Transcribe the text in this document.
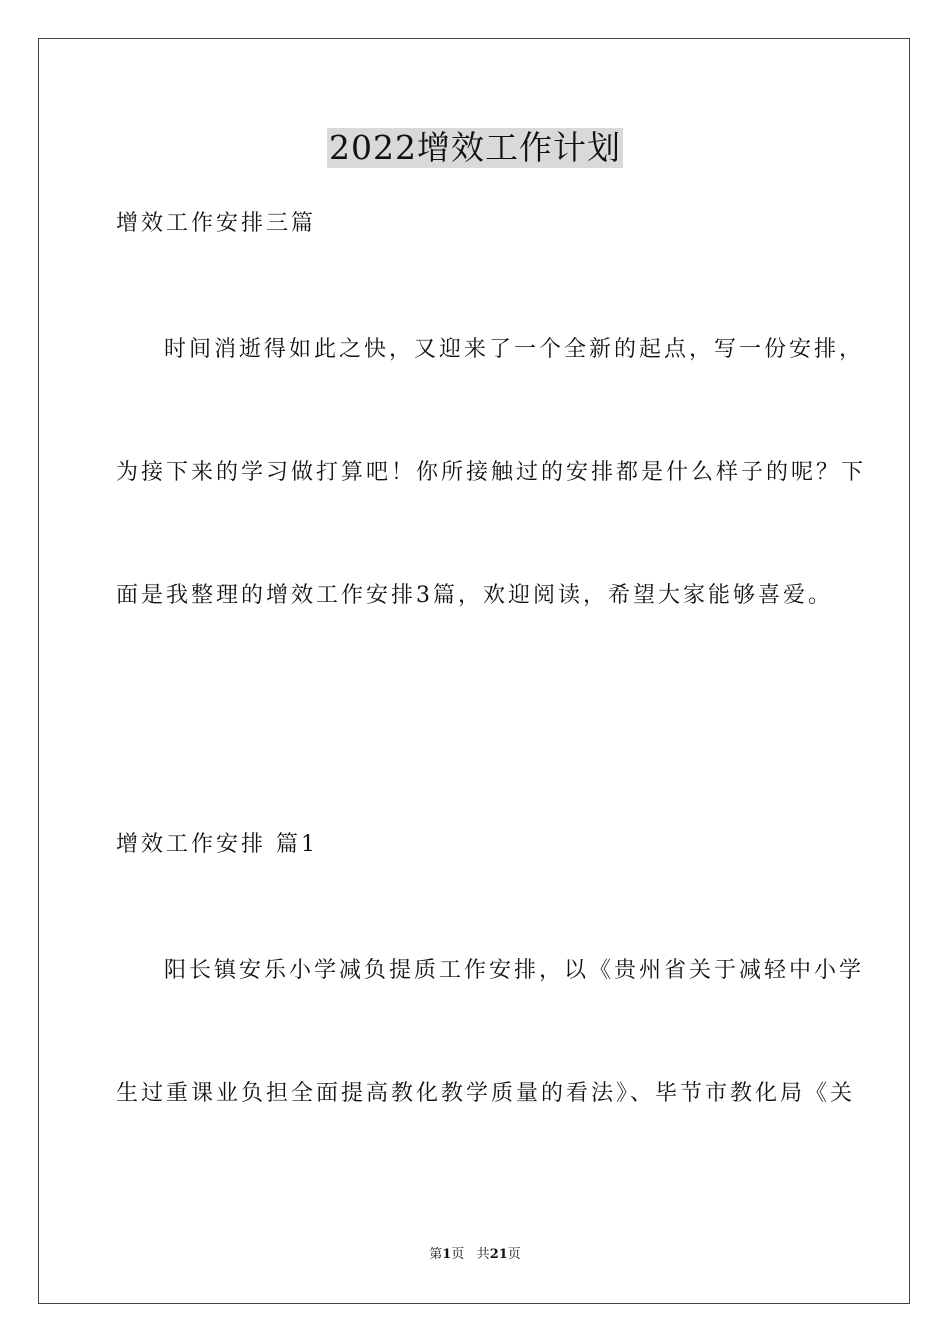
2022增效工作计划
增效工作安排三篇
时间消逝得如此之快，又迎来了一个全新的起点，写一份安排，
为接下来的学习做打算吧！你所接触过的安排都是什么样子的呢？下
面是我整理的增效工作安排3篇，欢迎阅读，希望大家能够喜爱。
增效工作安排 篇1
阳长镇安乐小学减负提质工作安排，以《贵州省关于减轻中小学
生过重课业负担全面提高教化教学质量的看法》、毕节市教化局《关
第1页 共21页
